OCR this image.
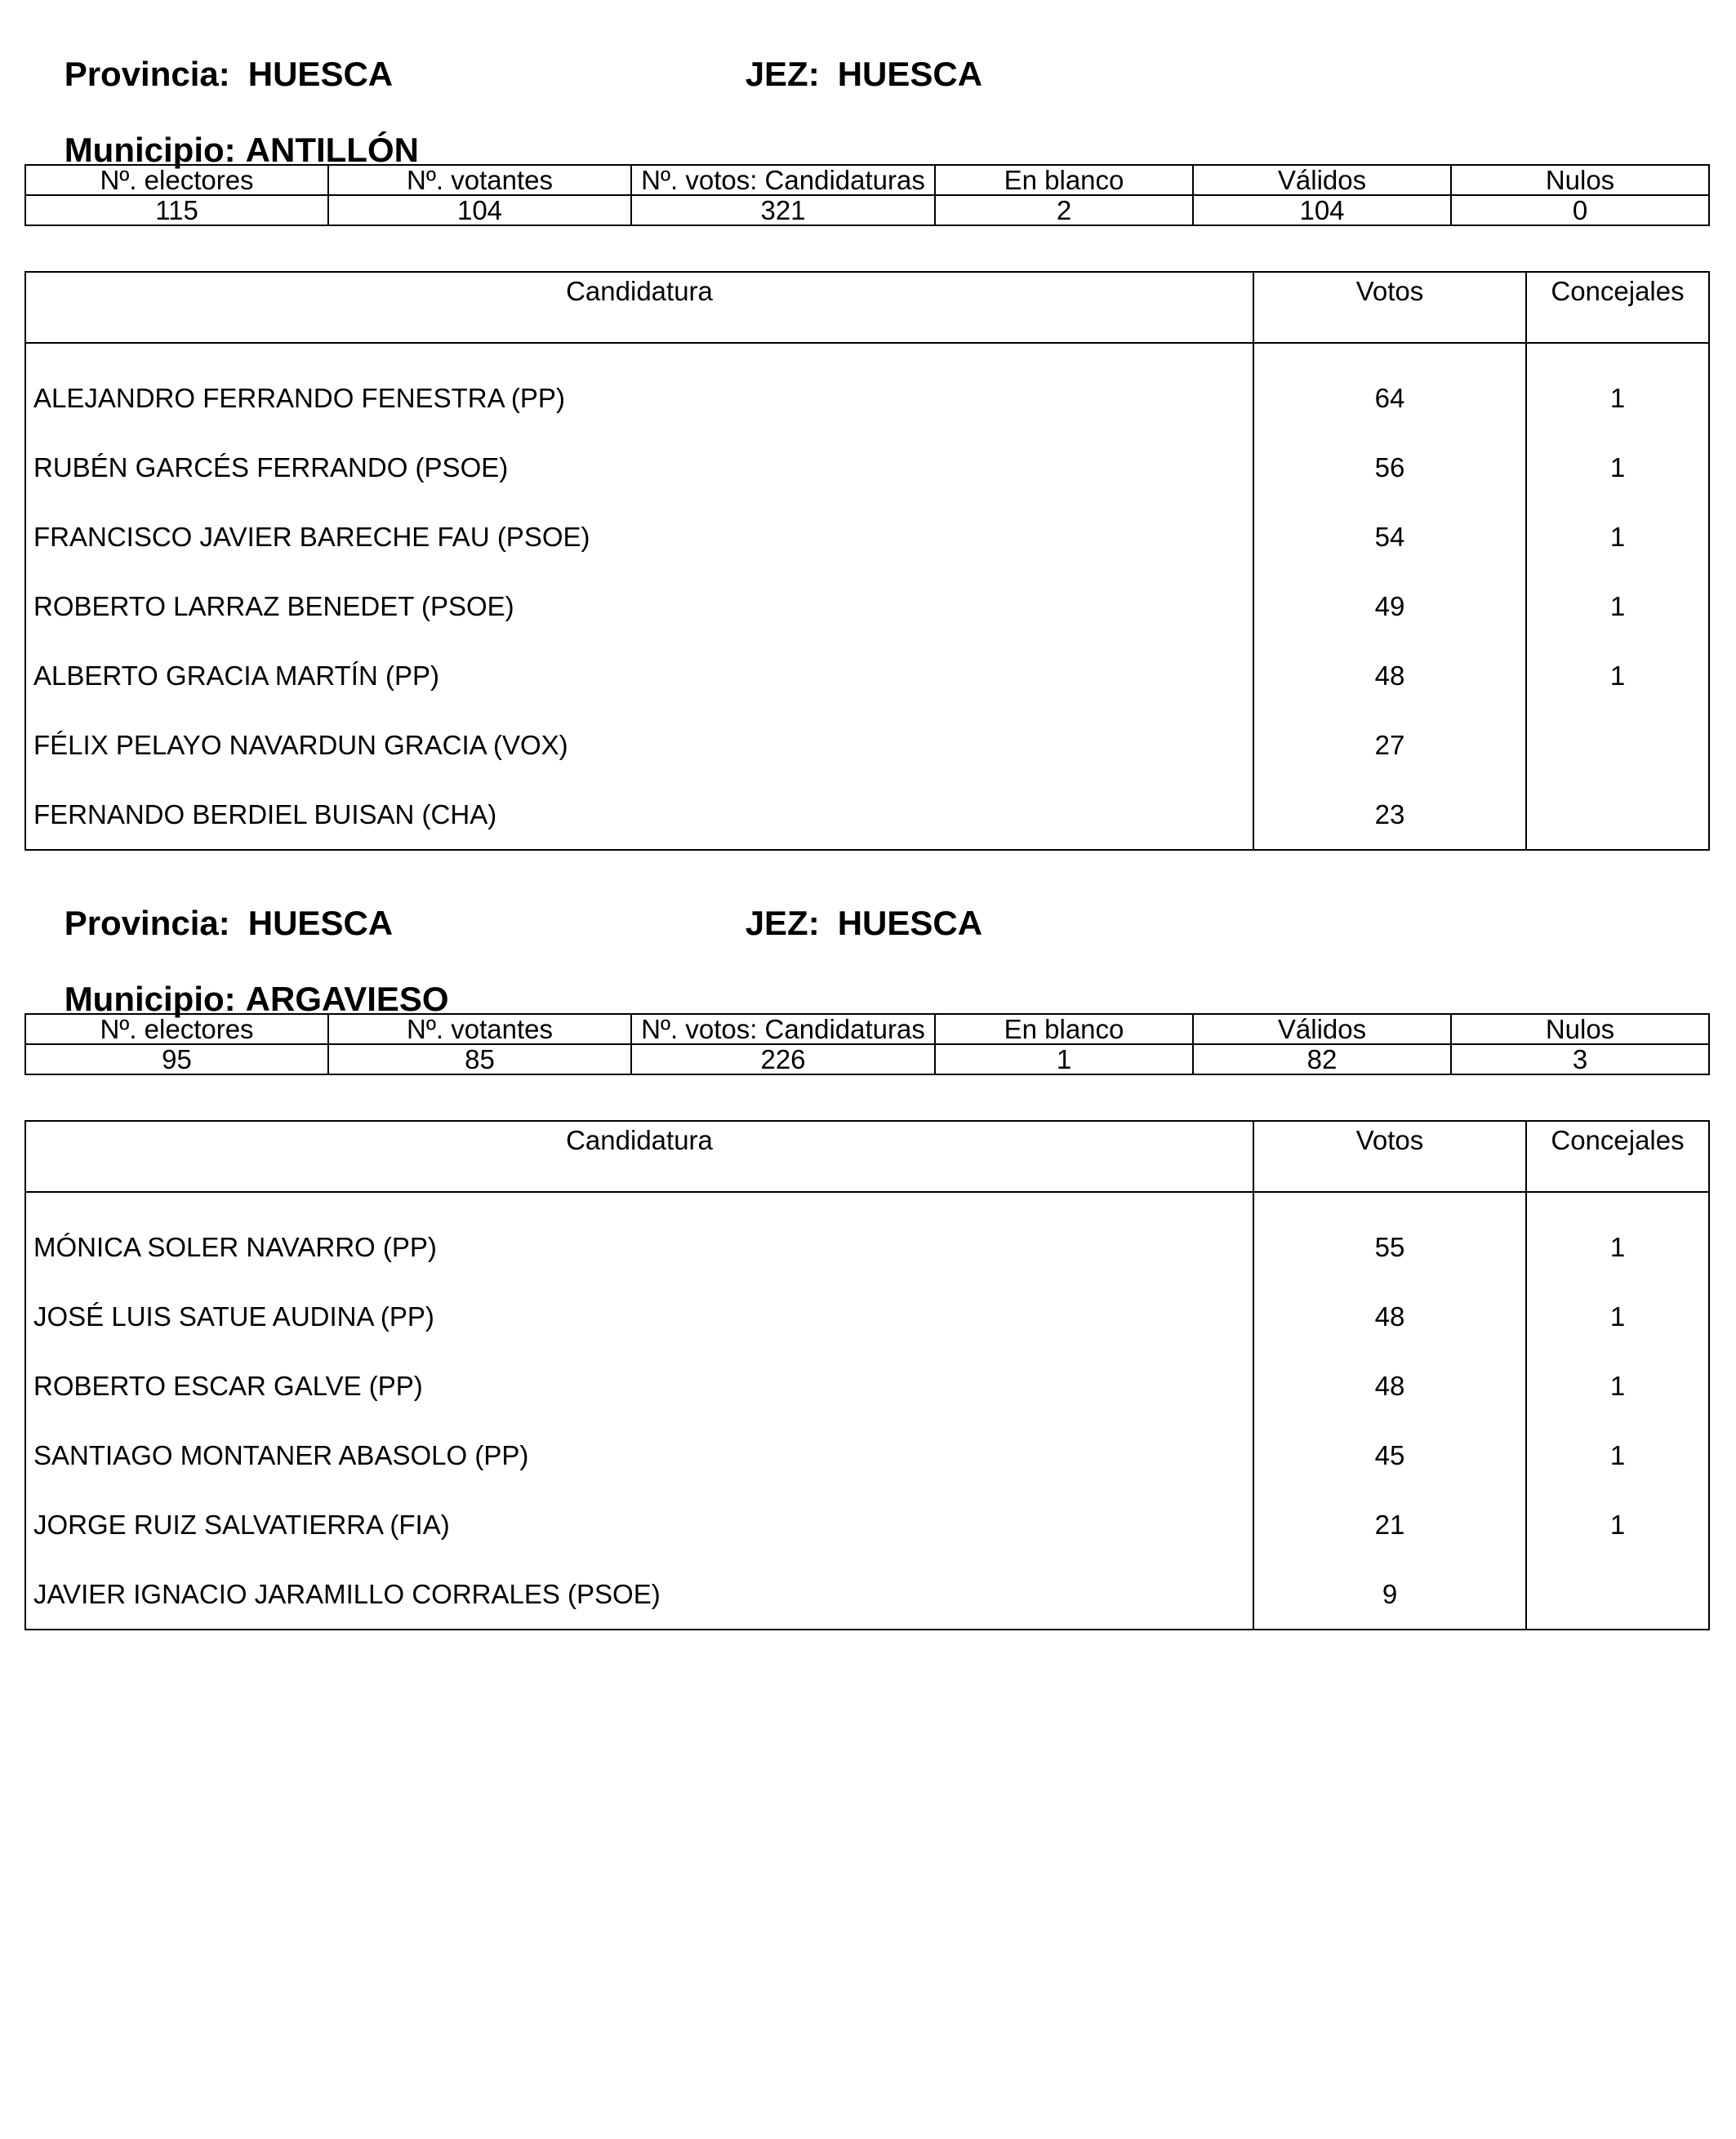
Provincia: HUESCA
	JEZ: HUESCA

Municipio: ANTILLÓN

Nº. electores	Nº. votantes	Nº. votos: Candidaturas	En blanco	Válidos	Nulos
115	104	321	2	104	0
Candidatura	Votos	Concejales

ALEJANDRO FERRANDO FENESTRA (PP)	64	1
RUBÉN GARCÉS FERRANDO (PSOE)	56	1
FRANCISCO JAVIER BARECHE FAU (PSOE)	54	1
ROBERTO LARRAZ BENEDET (PSOE)	49	1
ALBERTO GRACIA MARTÍN (PP)	48	1
FÉLIX PELAYO NAVARDUN GRACIA (VOX)	27	
FERNANDO BERDIEL BUISAN (CHA)	23	

Provincia: HUESCA
	JEZ: HUESCA

Municipio: ARGAVIESO

Nº. electores	Nº. votantes	Nº. votos: Candidaturas	En blanco	Válidos	Nulos
95	85	226	1	82	3
Candidatura	Votos	Concejales

MÓNICA SOLER NAVARRO (PP)	55	1
JOSÉ LUIS SATUE AUDINA (PP)	48	1
ROBERTO ESCAR GALVE (PP)	48	1
SANTIAGO MONTANER ABASOLO (PP)	45	1
JORGE RUIZ SALVATIERRA (FIA)	21	1
JAVIER IGNACIO JARAMILLO CORRALES (PSOE)	9	
